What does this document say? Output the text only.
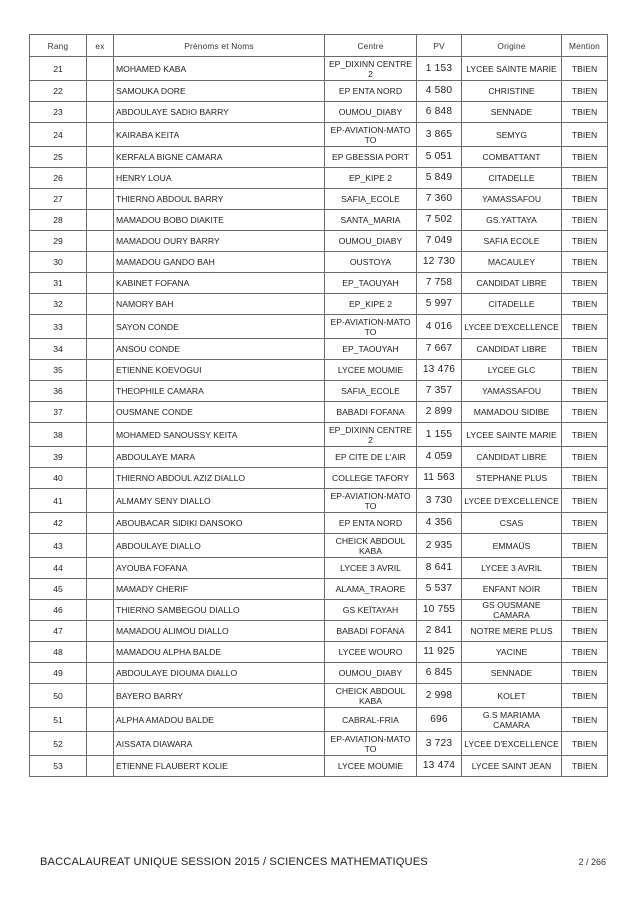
Rang	ex	Prénoms et Noms	Centre	PV	Origine	Mention
21		MOHAMED KABA	EP_DIXINN CENTRE 2	1 153	LYCEE SAINTE MARIE	TBIEN
22		SAMOUKA DORE	EP ENTA NORD	4 580	CHRISTINE	TBIEN
23		ABDOULAYE SADIO BARRY	OUMOU_DIABY	6 848	SENNADE	TBIEN
24		KAIRABA KEITA	EP-AVIATION-MATO TO	3 865	SEMYG	TBIEN
25		KERFALA BIGNE CAMARA	EP GBESSIA PORT	5 051	COMBATTANT	TBIEN
26		HENRY LOUA	EP_KIPE 2	5 849	CITADELLE	TBIEN
27		THIERNO ABDOUL BARRY	SAFIA_ECOLE	7 360	YAMASSAFOU	TBIEN
28		MAMADOU BOBO DIAKITE	SANTA_MARIA	7 502	GS.YATTAYA	TBIEN
29		MAMADOU OURY BARRY	OUMOU_DIABY	7 049	SAFIA ECOLE	TBIEN
30		MAMADOU GANDO BAH	OUSTOYA	12 730	MACAULEY	TBIEN
31		KABINET FOFANA	EP_TAOUYAH	7 758	CANDIDAT LIBRE	TBIEN
32		NAMORY BAH	EP_KIPE 2	5 997	CITADELLE	TBIEN
33		SAYON CONDE	EP-AVIATION-MATO TO	4 016	LYCEE D'EXCELLENCE	TBIEN
34		ANSOU CONDE	EP_TAOUYAH	7 667	CANDIDAT LIBRE	TBIEN
35		ETIENNE KOEVOGUI	LYCEE MOUMIE	13 476	LYCEE GLC	TBIEN
36		THEOPHILE CAMARA	SAFIA_ECOLE	7 357	YAMASSAFOU	TBIEN
37		OUSMANE CONDE	BABADI FOFANA	2 899	MAMADOU SIDIBE	TBIEN
38		MOHAMED SANOUSSY KEITA	EP_DIXINN CENTRE 2	1 155	LYCEE SAINTE MARIE	TBIEN
39		ABDOULAYE MARA	EP CITE DE L'AIR	4 059	CANDIDAT LIBRE	TBIEN
40		THIERNO ABDOUL AZIZ DIALLO	COLLEGE TAFORY	11 563	STEPHANE PLUS	TBIEN
41		ALMAMY SENY DIALLO	EP-AVIATION-MATO TO	3 730	LYCEE D'EXCELLENCE	TBIEN
42		ABOUBACAR SIDIKI DANSOKO	EP ENTA NORD	4 356	CSAS	TBIEN
43		ABDOULAYE DIALLO	CHEICK ABDOUL KABA	2 935	EMMAÜS	TBIEN
44		AYOUBA FOFANA	LYCEE 3 AVRIL	8 641	LYCEE 3 AVRIL	TBIEN
45		MAMADY CHERIF	ALAMA_TRAORE	5 537	ENFANT NOIR	TBIEN
46		THIERNO SAMBEGOU DIALLO	GS KEÏTAYAH	10 755	GS OUSMANE CAMARA	TBIEN
47		MAMADOU ALIMOU DIALLO	BABADI FOFANA	2 841	NOTRE MERE PLUS	TBIEN
48		MAMADOU ALPHA BALDE	LYCEE WOURO	11 925	YACINE	TBIEN
49		ABDOULAYE DIOUMA DIALLO	OUMOU_DIABY	6 845	SENNADE	TBIEN
50		BAYERO BARRY	CHEICK ABDOUL KABA	2 998	KOLET	TBIEN
51		ALPHA AMADOU BALDE	CABRAL-FRIA	696	G.S MARIAMA CAMARA	TBIEN
52		AISSATA DIAWARA	EP-AVIATION-MATO TO	3 723	LYCEE D'EXCELLENCE	TBIEN
53		ETIENNE FLAUBERT KOLIE	LYCEE MOUMIE	13 474	LYCEE SAINT JEAN	TBIEN
BACCALAUREAT UNIQUE SESSION 2015 / SCIENCES MATHEMATIQUES	2 / 266
